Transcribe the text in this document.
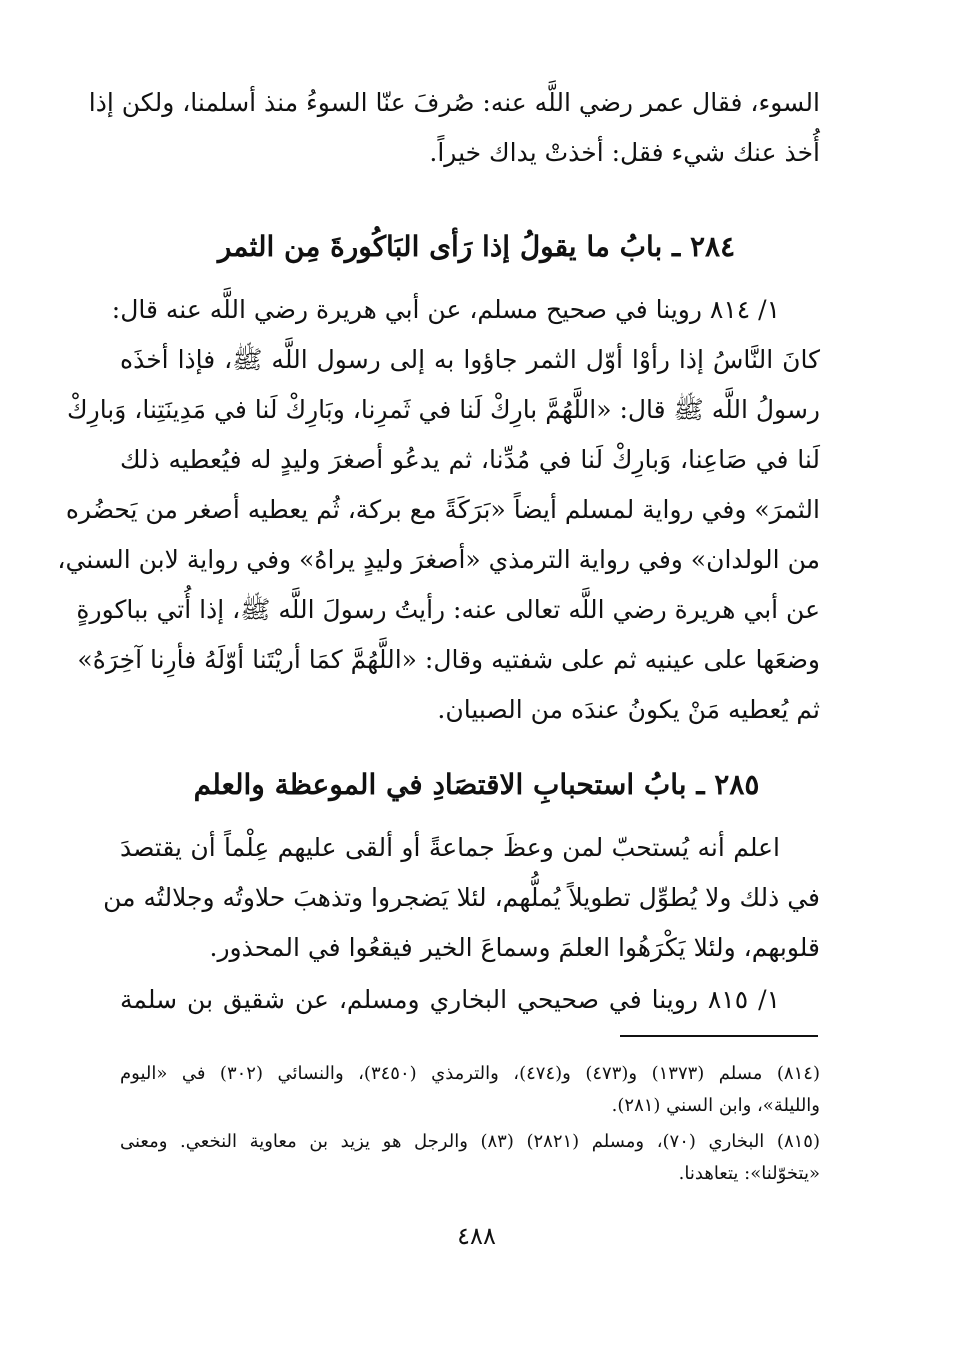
السوء، فقال عمر رضي اللَّه عنه: صُرفَ عنّا السوءُ منذ أسلمنا، ولكن إذا
أُخذ عنك شيء فقل: أخذتْ يداك خيراً.
٢٨٤ ـ بابُ ما يقولُ إذا رَأى البَاكُورةَ مِن الثمر
١/ ٨١٤ روينا في صحيح مسلم، عن أبي هريرة رضي اللَّه عنه قال:
كانَ النَّاسُ إذا رأوْا أوّل الثمر جاؤوا به إلى رسول اللَّه ﷺ، فإذا أخذَه
رسولُ اللَّه ﷺ قال: «اللَّهُمَّ بارِكْ لَنا في ثَمرِنا، وبَارِكْ لَنا في مَدِينَتِنا، وَبارِكْ
لَنا في صَاعِنا، وَبارِكْ لَنا في مُدِّنا، ثم يدعُو أصغرَ وليدٍ له فيُعطيه ذلك
الثمرَ» وفي رواية لمسلم أيضاً «بَرَكَةً مع بركة، ثُم يعطيه أصغر من يَحضُره
من الولدان» وفي رواية الترمذي «أصغرَ وليدٍ يراهُ» وفي رواية لابن السني،
عن أبي هريرة رضي اللَّه تعالى عنه: رأيتُ رسولَ اللَّه ﷺ، إذا أُتي بباكورةٍ
وضعَها على عينيه ثم على شفتيه وقال: «اللَّهُمَّ كمَا أريْتَنا أوّلَهُ فأرِنا آخِرَهُ»
ثم يُعطيه مَنْ يكونُ عندَه من الصبيان.
٢٨٥ ـ بابُ استحبابِ الاقتصَادِ في الموعظة والعلم
اعلم أنه يُستحبّ لمن وعظَ جماعةً أو ألقى عليهم عِلْماً أن يقتصدَ
في ذلك ولا يُطوِّل تطويلاً يُملُّهم، لئلا يَضجروا وتذهبَ حلاوتُه وجلالتُه من
قلوبهم، ولئلا يَكْرَهُوا العلمَ وسماعَ الخير فيقعُوا في المحذور.
١/ ٨١٥ روينا في صحيحي البخاري ومسلم، عن شقيق بن سلمة
(٨١٤) مسلم (١٣٧٣) و(٤٧٣) و(٤٧٤)، والترمذي (٣٤٥٠)، والنسائي (٣٠٢) في «اليوم
والليلة»، وابن السني (٢٨١).
(٨١٥) البخاري (٧٠)، ومسلم (٢٨٢١) (٨٣) والرجل هو يزيد بن معاوية النخعي. ومعنى
«يتخوّلنا»: يتعاهدنا.
٤٨٨
